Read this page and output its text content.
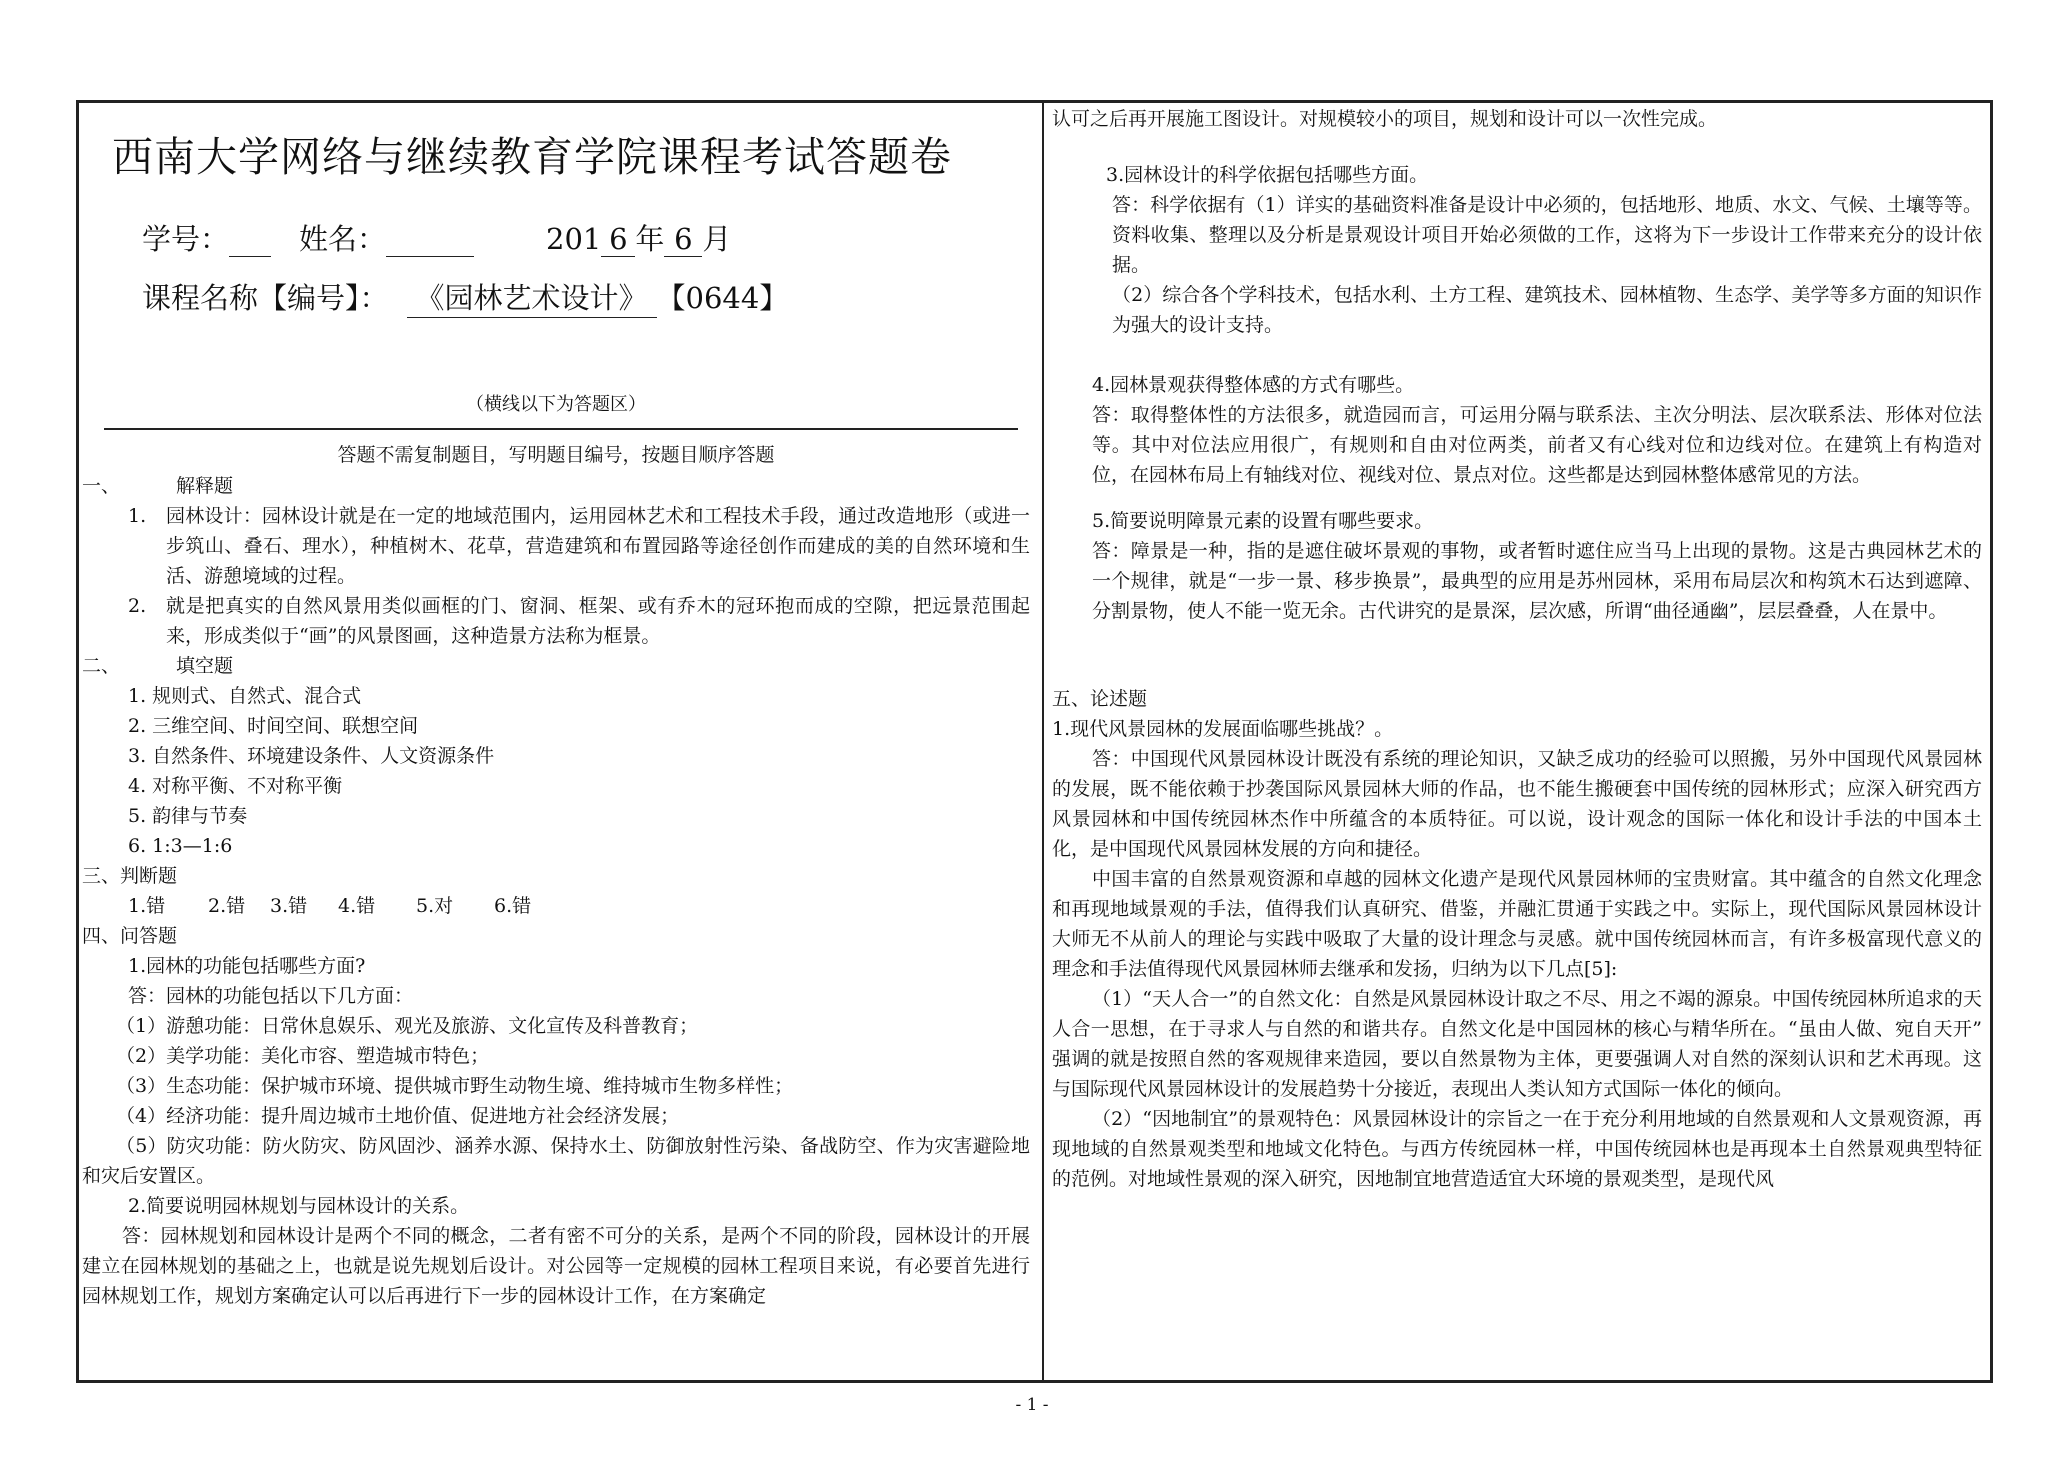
西南大学网络与继续教育学院课程考试答题卷
学号：
姓名：
	201 6 年 6 月
课程名称【编号】： 《园林艺术设计》 【0644】
（横线以下为答题区）
答题不需复制题目，写明题目编号，按题目顺序答题
一、	解释题
1.	园林设计：园林设计就是在一定的地域范围内，运用园林艺术和工程技术手段，通过改造地形（或进一步筑山、叠石、理水），种植树木、花草，营造建筑和布置园路等途径创作而建成的美的自然环境和生活、游憩境域的过程。
2.	就是把真实的自然风景用类似画框的门、窗洞、框架、或有乔木的冠环抱而成的空隙，把远景范围起来，形成类似于“画”的风景图画，这种造景方法称为框景。
二、	填空题
1. 规则式、自然式、混合式
2. 三维空间、时间空间、联想空间
3. 自然条件、环境建设条件、人文资源条件
4. 对称平衡、不对称平衡
5. 韵律与节奏
6. 1:3—1:6
三、判断题
1.错	2.错	3.错	4.错	5.对	6.错
四、问答题
1.园林的功能包括哪些方面?
答：园林的功能包括以下几方面：
（1）游憩功能：日常休息娱乐、观光及旅游、文化宣传及科普教育；
（2）美学功能：美化市容、塑造城市特色；
（3）生态功能：保护城市环境、提供城市野生动物生境、维持城市生物多样性；
（4）经济功能：提升周边城市土地价值、促进地方社会经济发展；
（5）防灾功能：防火防灾、防风固沙、涵养水源、保持水土、防御放射性污染、备战防空、作为灾害避险地和灾后安置区。
2.简要说明园林规划与园林设计的关系。
答：园林规划和园林设计是两个不同的概念，二者有密不可分的关系，是两个不同的阶段，园林设计的开展建立在园林规划的基础之上，也就是说先规划后设计。对公园等一定规模的园林工程项目来说，有必要首先进行园林规划工作，规划方案确定认可以后再进行下一步的园林设计工作，在方案确定
认可之后再开展施工图设计。对规模较小的项目，规划和设计可以一次性完成。
3.园林设计的科学依据包括哪些方面。
答：科学依据有（1）详实的基础资料准备是设计中必须的，包括地形、地质、水文、气候、土壤等等。资料收集、整理以及分析是景观设计项目开始必须做的工作，这将为下一步设计工作带来充分的设计依据。
（2）综合各个学科技术，包括水利、土方工程、建筑技术、园林植物、生态学、美学等多方面的知识作为强大的设计支持。
4.园林景观获得整体感的方式有哪些。
答：取得整体性的方法很多，就造园而言，可运用分隔与联系法、主次分明法、层次联系法、形体对位法等。其中对位法应用很广，有规则和自由对位两类，前者又有心线对位和边线对位。在建筑上有构造对位，在园林布局上有轴线对位、视线对位、景点对位。这些都是达到园林整体感常见的方法。
5.简要说明障景元素的设置有哪些要求。
答：障景是一种，指的是遮住破坏景观的事物，或者暂时遮住应当马上出现的景物。这是古典园林艺术的一个规律，就是“一步一景、移步换景”，最典型的应用是苏州园林，采用布局层次和构筑木石达到遮障、分割景物，使人不能一览无余。古代讲究的是景深，层次感，所谓“曲径通幽”，层层叠叠，人在景中。
五、论述题
1.现代风景园林的发展面临哪些挑战？。
答：中国现代风景园林设计既没有系统的理论知识，又缺乏成功的经验可以照搬，另外中国现代风景园林的发展，既不能依赖于抄袭国际风景园林大师的作品，也不能生搬硬套中国传统的园林形式；应深入研究西方风景园林和中国传统园林杰作中所蕴含的本质特征。可以说，设计观念的国际一体化和设计手法的中国本土化，是中国现代风景园林发展的方向和捷径。
中国丰富的自然景观资源和卓越的园林文化遗产是现代风景园林师的宝贵财富。其中蕴含的自然文化理念和再现地域景观的手法，值得我们认真研究、借鉴，并融汇贯通于实践之中。实际上，现代国际风景园林设计大师无不从前人的理论与实践中吸取了大量的设计理念与灵感。就中国传统园林而言，有许多极富现代意义的理念和手法值得现代风景园林师去继承和发扬，归纳为以下几点[5]:
（1）“天人合一”的自然文化：自然是风景园林设计取之不尽、用之不竭的源泉。中国传统园林所追求的天人合一思想，在于寻求人与自然的和谐共存。自然文化是中国园林的核心与精华所在。“虽由人做、宛自天开” 强调的就是按照自然的客观规律来造园，要以自然景物为主体，更要强调人对自然的深刻认识和艺术再现。这与国际现代风景园林设计的发展趋势十分接近，表现出人类认知方式国际一体化的倾向。
（2）“因地制宜”的景观特色：风景园林设计的宗旨之一在于充分利用地域的自然景观和人文景观资源，再现地域的自然景观类型和地域文化特色。与西方传统园林一样，中国传统园林也是再现本土自然景观典型特征的范例。对地域性景观的深入研究，因地制宜地营造适宜大环境的景观类型，是现代风
- 1 -
